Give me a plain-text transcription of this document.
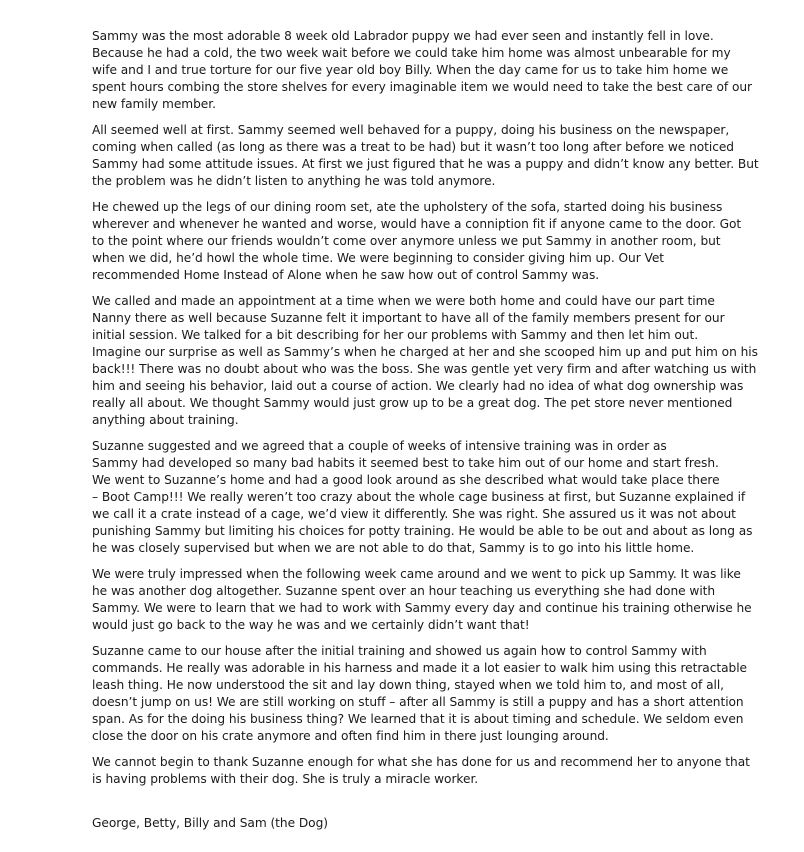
Sammy was the most adorable 8 week old Labrador puppy we had ever seen and instantly fell in love.
Because he had a cold, the two week wait before we could take him home was almost unbearable for my
wife and I and true torture for our five year old boy Billy. When the day came for us to take him home we
spent hours combing the store shelves for every imaginable item we would need to take the best care of our
new family member.
All seemed well at first. Sammy seemed well behaved for a puppy, doing his business on the newspaper,
coming when called (as long as there was a treat to be had) but it wasn’t too long after before we noticed
Sammy had some attitude issues. At first we just figured that he was a puppy and didn’t know any better. But
the problem was he didn’t listen to anything he was told anymore.
He chewed up the legs of our dining room set, ate the upholstery of the sofa, started doing his business
wherever and whenever he wanted and worse, would have a conniption fit if anyone came to the door. Got
to the point where our friends wouldn’t come over anymore unless we put Sammy in another room, but
when we did, he’d howl the whole time. We were beginning to consider giving him up. Our Vet
recommended Home Instead of Alone when he saw how out of control Sammy was.
We called and made an appointment at a time when we were both home and could have our part time
Nanny there as well because Suzanne felt it important to have all of the family members present for our
initial session. We talked for a bit describing for her our problems with Sammy and then let him out.
Imagine our surprise as well as Sammy’s when he charged at her and she scooped him up and put him on his
back!!! There was no doubt about who was the boss. She was gentle yet very firm and after watching us with
him and seeing his behavior, laid out a course of action. We clearly had no idea of what dog ownership was
really all about. We thought Sammy would just grow up to be a great dog. The pet store never mentioned
anything about training.
Suzanne suggested and we agreed that a couple of weeks of intensive training was in order as
Sammy had developed so many bad habits it seemed best to take him out of our home and start fresh.
We went to Suzanne’s home and had a good look around as she described what would take place there
– Boot Camp!!! We really weren’t too crazy about the whole cage business at first, but Suzanne explained if
we call it a crate instead of a cage, we’d view it differently. She was right. She assured us it was not about
punishing Sammy but limiting his choices for potty training. He would be able to be out and about as long as
he was closely supervised but when we are not able to do that, Sammy is to go into his little home.
We were truly impressed when the following week came around and we went to pick up Sammy. It was like
he was another dog altogether. Suzanne spent over an hour teaching us everything she had done with
Sammy. We were to learn that we had to work with Sammy every day and continue his training otherwise he
would just go back to the way he was and we certainly didn’t want that!
Suzanne came to our house after the initial training and showed us again how to control Sammy with
commands. He really was adorable in his harness and made it a lot easier to walk him using this retractable
leash thing. He now understood the sit and lay down thing, stayed when we told him to, and most of all,
doesn’t jump on us! We are still working on stuff – after all Sammy is still a puppy and has a short attention
span. As for the doing his business thing? We learned that it is about timing and schedule. We seldom even
close the door on his crate anymore and often find him in there just lounging around.
We cannot begin to thank Suzanne enough for what she has done for us and recommend her to anyone that
is having problems with their dog. She is truly a miracle worker.
George, Betty, Billy and Sam (the Dog)
